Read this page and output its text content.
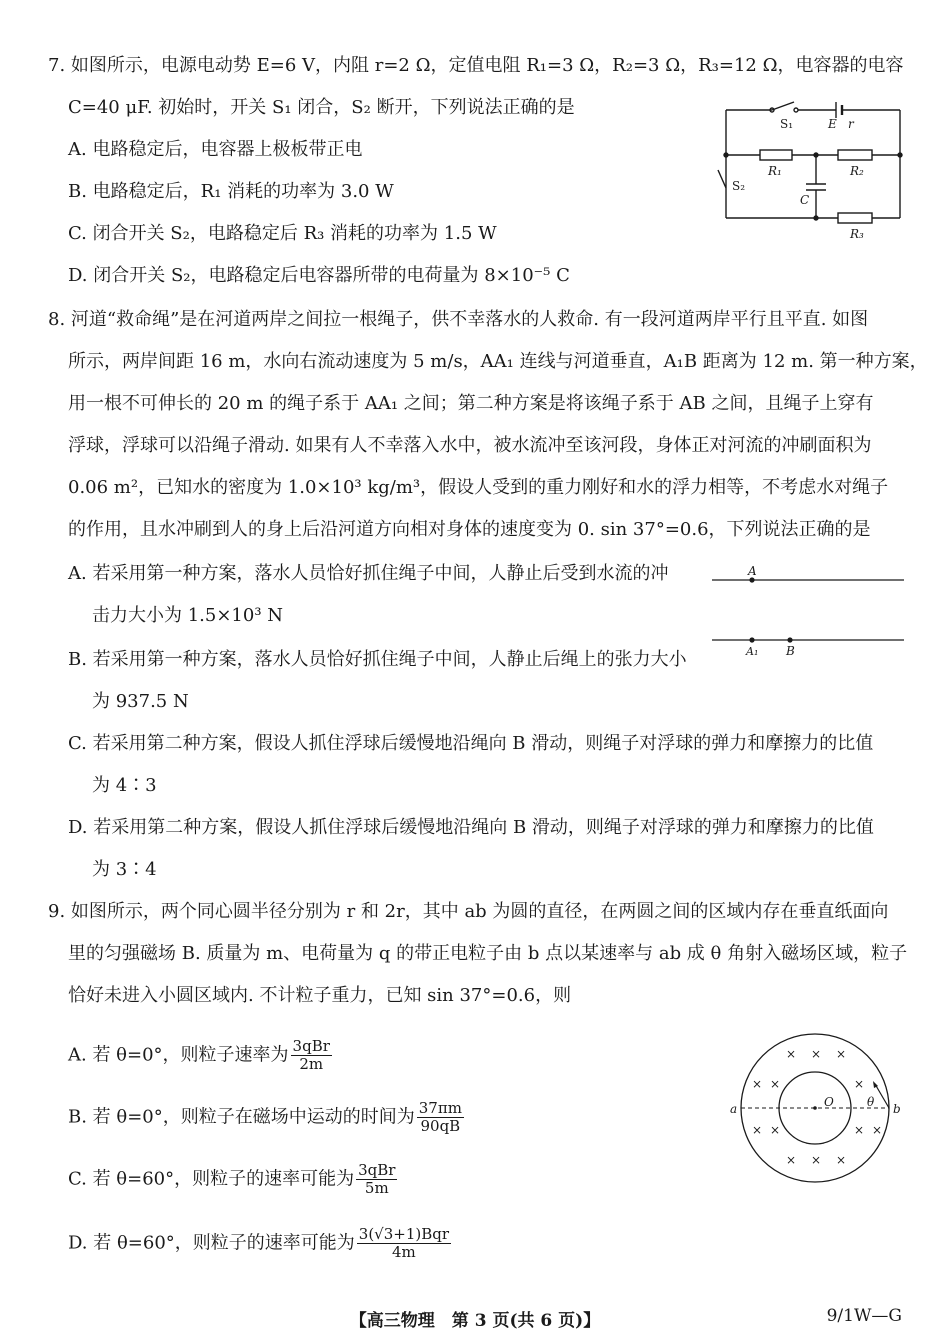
7. 如图所示，电源电动势 E=6 V，内阻 r=2 Ω，定值电阻 R₁=3 Ω，R₂=3 Ω，R₃=12 Ω，电容器的电容
C=40 μF. 初始时，开关 S₁ 闭合，S₂ 断开，下列说法正确的是
A. 电路稳定后，电容器上极板带正电
B. 电路稳定后，R₁ 消耗的功率为 3.0 W
C. 闭合开关 S₂，电路稳定后 R₃ 消耗的功率为 1.5 W
D. 闭合开关 S₂，电路稳定后电容器所带的电荷量为 8×10⁻⁵ C
S₁	E r
S₂
R₁	R₂
C
R₃
8. 河道“救命绳”是在河道两岸之间拉一根绳子，供不幸落水的人救命. 有一段河道两岸平行且平直. 如图
所示，两岸间距 16 m，水向右流动速度为 5 m/s，AA₁ 连线与河道垂直，A₁B 距离为 12 m. 第一种方案，
用一根不可伸长的 20 m 的绳子系于 AA₁ 之间；第二种方案是将该绳子系于 AB 之间，且绳子上穿有
浮球，浮球可以沿绳子滑动. 如果有人不幸落入水中，被水流冲至该河段，身体正对河流的冲刷面积为
0.06 m²，已知水的密度为 1.0×10³ kg/m³，假设人受到的重力刚好和水的浮力相等，不考虑水对绳子
的作用，且水冲刷到人的身上后沿河道方向相对身体的速度变为 0. sin 37°=0.6，下列说法正确的是
A. 若采用第一种方案，落水人员恰好抓住绳子中间，人静止后受到水流的冲
击力大小为 1.5×10³ N
B. 若采用第一种方案，落水人员恰好抓住绳子中间，人静止后绳上的张力大小
为 937.5 N
C. 若采用第二种方案，假设人抓住浮球后缓慢地沿绳向 B 滑动，则绳子对浮球的弹力和摩擦力的比值
为 4∶3
D. 若采用第二种方案，假设人抓住浮球后缓慢地沿绳向 B 滑动，则绳子对浮球的弹力和摩擦力的比值
为 3∶4
A
A₁ B
9. 如图所示，两个同心圆半径分别为 r 和 2r，其中 ab 为圆的直径，在两圆之间的区域内存在垂直纸面向
里的匀强磁场 B. 质量为 m、电荷量为 q 的带正电粒子由 b 点以某速率与 ab 成 θ 角射入磁场区域，粒子
恰好未进入小圆区域内. 不计粒子重力，已知 sin 37°=0.6，则
A. 若 θ=0°，则粒子速率为 $\frac{\text{3qBr}}{2m}$
B. 若 θ=0°，则粒子在磁场中运动的时间为 $\frac{37\pi m}{90qB}$
C. 若 θ=60°，则粒子的速率可能为 $\frac{\text{3qBr}}{5m}$
D. 若 θ=60°，则粒子的速率可能为 $\frac{\text{3(√3+1)Bqr}}{4m}$
× × ×
× ×	×
× ×	× ×
× × ×
a	b
O	θ
【高三物理　第 3 页(共 6 页)】	9/1W—G
